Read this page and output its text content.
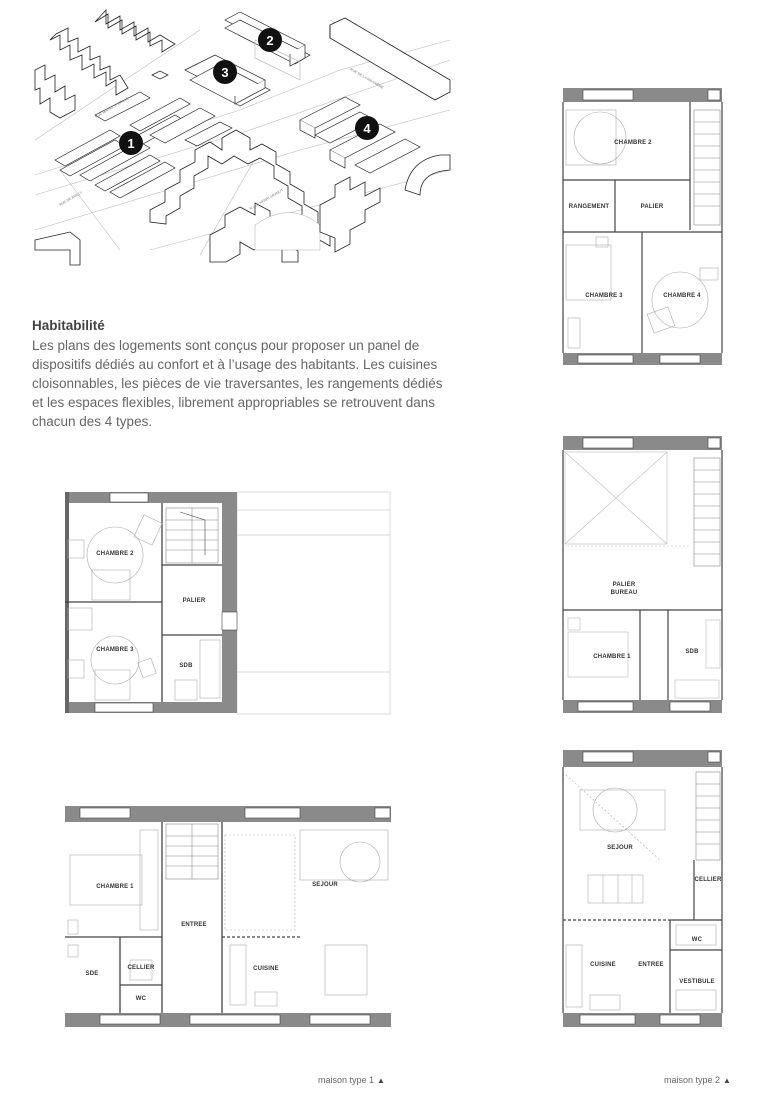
1
2
3
4
RUE MAURICE GRILLE
RUE DE BRILLY	ALLÉE HENRI GRANOT
RUE DE LA RAVINIÈRE
CHAMBRE 2
PALIER
CHAMBRE 3
SDB
CHAMBRE 1
ENTREE
SEJOUR
SDE
CELLIER
WC
CUISINE
CHAMBRE 2
RANGEMENT	PALIER
CHAMBRE 3	CHAMBRE 4
PALIER
BUREAU
CHAMBRE 1
SDB
SEJOUR
CELLIER
WC
CUISINE	ENTREE
VESTIBULE

Habitabilité

Les plans des logements sont conçus pour proposer un panel de dispositifs dédiés au confort et à l’usage des habitants. Les cuisines cloisonnables, les pièces de vie traversantes, les rangements dédiés et les espaces flexibles, librement appropriables se retrouvent dans chacun des 4 types.

maison type 1 ▲	maison type 2 ▲
